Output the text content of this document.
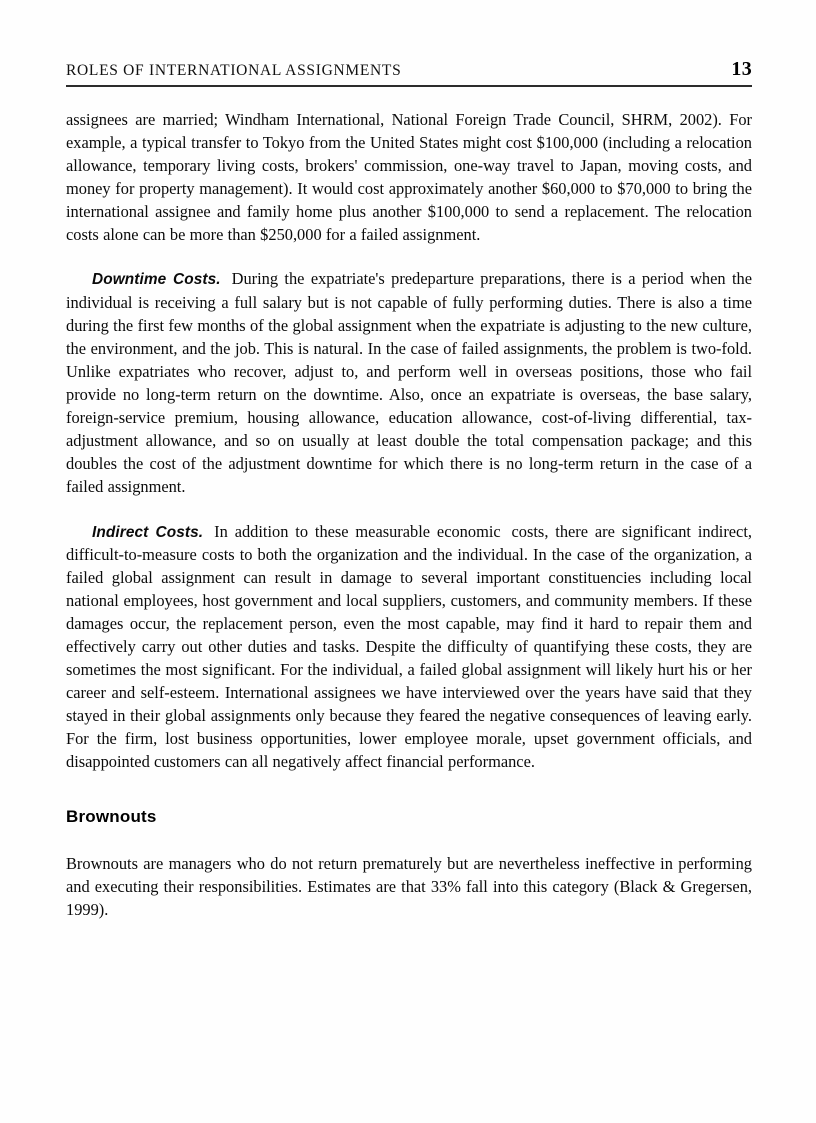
ROLES OF INTERNATIONAL ASSIGNMENTS	13

assignees are married; Windham International, National Foreign Trade Council, SHRM, 2002). For example, a typical transfer to Tokyo from the United States might cost $100,000 (including a relocation allowance, temporary living costs, brokers' commission, one-way travel to Japan, moving costs, and money for property management). It would cost approximately another $60,000 to $70,000 to bring the international assignee and family home plus another $100,000 to send a replacement. The relocation costs alone can be more than $250,000 for a failed assignment.

Downtime Costs. During the expatriate's predeparture preparations, there is a period when the individual is receiving a full salary but is not capable of fully performing duties. There is also a time during the first few months of the global assignment when the expatriate is adjusting to the new culture, the environment, and the job. This is natural. In the case of failed assignments, the problem is two-fold. Unlike expatriates who recover, adjust to, and perform well in overseas positions, those who fail provide no long-term return on the downtime. Also, once an expatriate is overseas, the base salary, foreign-service premium, housing allowance, education allowance, cost-of-living differential, tax-adjustment allowance, and so on usually at least double the total compensation package; and this doubles the cost of the adjustment downtime for which there is no long-term return in the case of a failed assignment.

Indirect Costs. In addition to these measurable economic costs, there are significant indirect, difficult-to-measure costs to both the organization and the individual. In the case of the organization, a failed global assignment can result in damage to several important constituencies including local national employees, host government and local suppliers, customers, and community members. If these damages occur, the replacement person, even the most capable, may find it hard to repair them and effectively carry out other duties and tasks. Despite the difficulty of quantifying these costs, they are sometimes the most significant. For the individual, a failed global assignment will likely hurt his or her career and self-esteem. International assignees we have interviewed over the years have said that they stayed in their global assignments only because they feared the negative consequences of leaving early. For the firm, lost business opportunities, lower employee morale, upset government officials, and disappointed customers can all negatively affect financial performance.

Brownouts

Brownouts are managers who do not return prematurely but are nevertheless ineffective in performing and executing their responsibilities. Estimates are that 33% fall into this category (Black & Gregersen, 1999).
